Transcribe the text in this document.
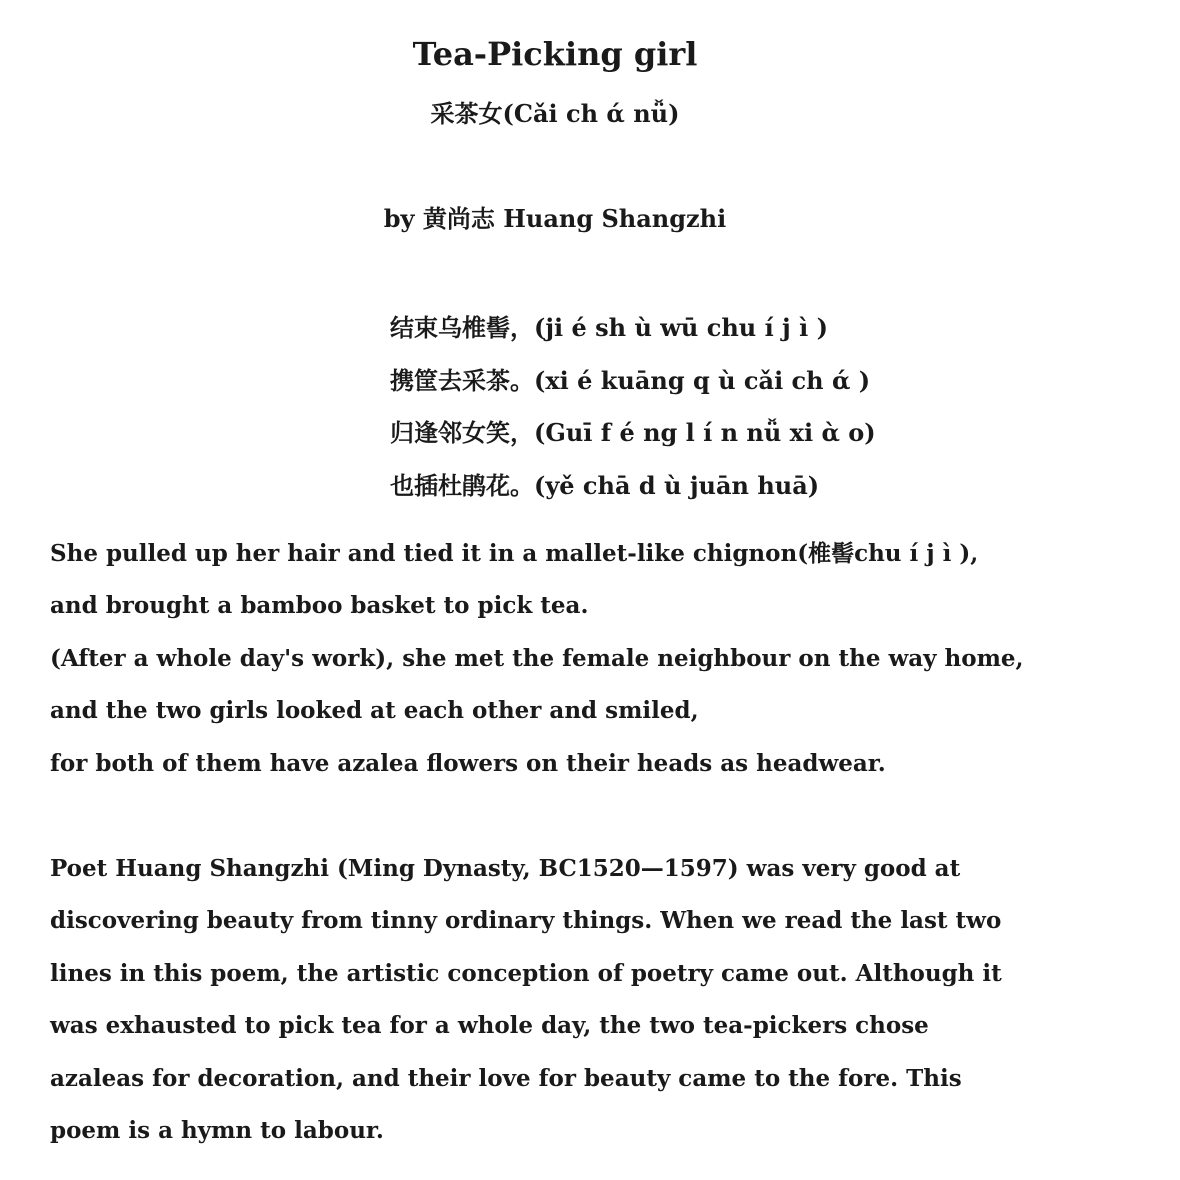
Tea-Picking girl
采茶女(Cǎi ch ά nǚ)
by 黄尚志 Huang Shangzhi
结束乌椎髻，(ji é sh ù wū chu í j ì )
携筐去采茶。(xi é kuāng q ù cǎi ch ά )
归逢邻女笑，(Guī f é ng l í n nǚ xi ὰ o)
也插杜鹃花。(yě chā d ù juān huā)
She pulled up her hair and tied it in a mallet-like chignon(椎髻chu í j ì ),
and brought a bamboo basket to pick tea.
(After a whole day's work), she met the female neighbour on the way home,
and the two girls looked at each other and smiled,
for both of them have azalea flowers on their heads as headwear.
Poet Huang Shangzhi (Ming Dynasty, BC1520—1597) was very good at
discovering beauty from tinny ordinary things. When we read the last two
lines in this poem, the artistic conception of poetry came out. Although it
was exhausted to pick tea for a whole day, the two tea-pickers chose
azaleas for decoration, and their love for beauty came to the fore. This
poem is a hymn to labour.
